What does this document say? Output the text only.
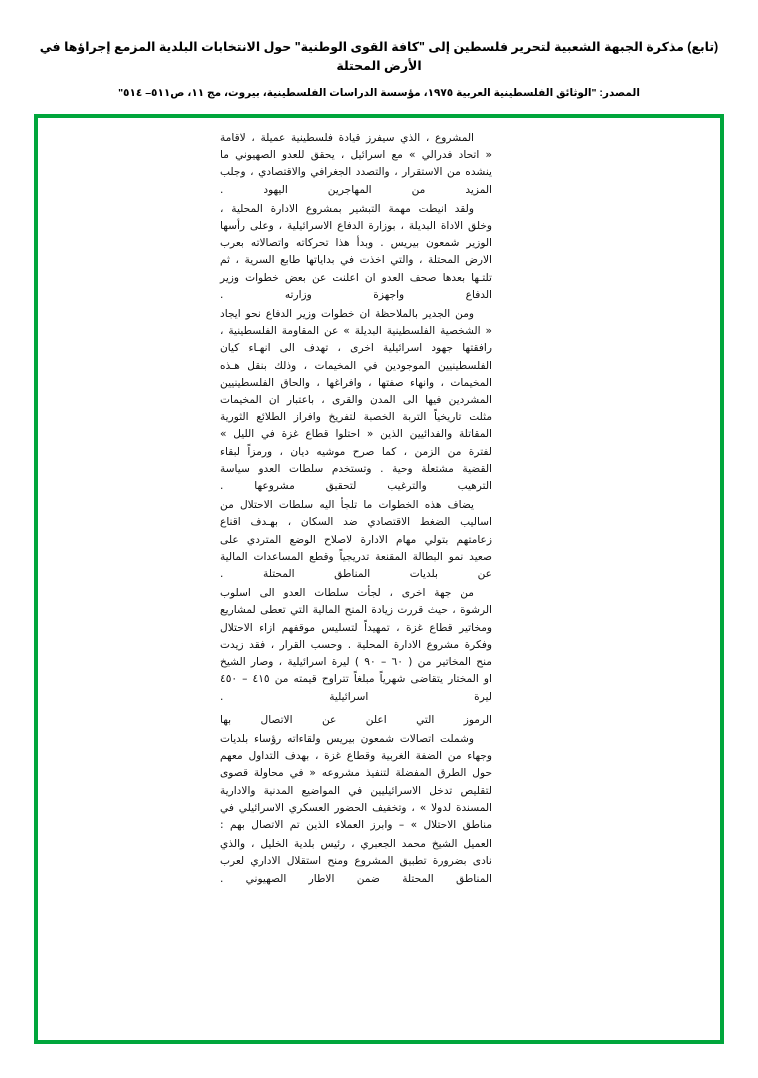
(تابع) مذكرة الجبهة الشعبية لتحرير فلسطين إلى "كافة القوى الوطنية" حول الانتخابات البلدية المزمع إجراؤها في الأرض المحتلة
المصدر: "الوثائق الفلسطينية العربية ١٩٧٥، مؤسسة الدراسات الفلسطينية، بيروت، مج ١١، ص٥١١– ٥١٤"

المشروع ، الذي سيفرز قيادة فلسطينية عميلة ، لاقامة « اتحاد فدرالي » مع اسرائيل ، يحقق للعدو الصهيوني ما ينشده من الاستقرار ، والتصدد الجغرافي والاقتصادي ، وجلب المزيد من المهاجرين اليهود .

ولقد انيطت مهمة التبشير بمشروع الادارة المحلية ، وخلق الاداة البديلة ، بوزارة الدفاع الاسرائيلية ، وعلى رأسها الوزير شمعون بيريس . وبدأ هذا تحركاته واتصالاته بعرب الارض المحتلة ، والتي اخذت في بداياتها طابع السرية ، ثم تلتـها بعدها صحف العدو ان اعلنت عن بعض خطوات وزير الدفاع واجهزة وزارته .

ومن الجدير بالملاحظة ان خطوات وزير الدفاع نحو ايجاد « الشخصية الفلسطينية البديلة » عن المقاومة الفلسطينية ، رافقتها جهود اسرائيلية اخرى ، تهدف الى انهـاء كيان الفلسطينيين الموجودين في المخيمات ، وذلك بنقل هـذه المخيمات ، وانهاء صفتها ، وافراغها ، والحاق الفلسطينيين المشردين فيها الى المدن والقرى ، باعتبار ان المخيمات مثلت تاريخياً التربة الخصبة لتفريخ وافراز الطلائع الثورية المقاتلة والفدائيين الذين « احتلوا قطاع غزة في الليل » لفترة من الزمن ، كما صرح موشيه ديان ، ورمزاً لبقاء القضية مشتعلة وحية . وتستخدم سلطات العدو سياسة الترهيب والترغيب لتحقيق مشروعها .

يضاف هذه الخطوات ما تلجأ اليه سلطات الاحتلال من اساليب الضغط الاقتصادي ضد السكان ، بهـدف اقناع زعامتهم بتولي مهام الادارة لاصلاح الوضع المتردي على صعيد نمو البطالة المقنعة تدريجياً وقطع المساعدات المالية عن بلديات المناطق المحتلة .

من جهة اخرى ، لجأت سلطات العدو الى اسلوب الرشوة ، حيث قررت زيادة المنح المالية التي تعطى لمشاريع ومخاتير قطاع غزة ، تمهيداً لتسليس موقفهم ازاء الاحتلال وفكرة مشروع الادارة المحلية . وحسب القرار ، فقد زيدت منح المخاتير من ( ٦٠ – ٩٠ ) ليرة اسرائيلية ، وصار الشيخ او المختار يتقاضى شهرياً مبلغاً تتراوح قيمته من ٤١٥ – ٤٥٠ ليرة اسرائيلية .

الرموز التي اعلن عن الاتصال بها

وشملت اتصالات شمعون بيريس ولقاءاته رؤساء بلديات وجهاء من الضفة الغربية وقطاع غزة ، بهدف التداول معهم حول الطرق المفضلة لتنفيذ مشروعه « في محاولة قصوى لتقليص تدخل الاسرائيليين في المواضيع المدنية والادارية المسندة لدولا » ، وتخفيف الحضور العسكري الاسرائيلي في مناطق الاحتلال » – وابرز العملاء الذين تم الاتصال بهم :

العميل الشيخ محمد الجعبري ، رئيس بلدية الخليل ، والذي نادى بضرورة تطبيق المشروع ومنح استقلال الاداري لعرب المناطق المحتلة ضمن الاطار الصهيوني .
